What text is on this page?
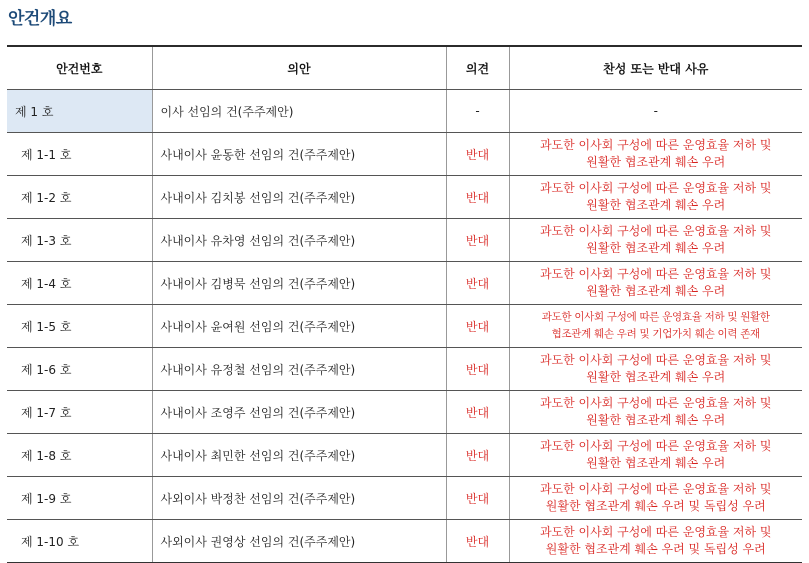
안건개요
안건번호	의안	의견	찬성 또는 반대 사유
제 1 호	이사 선임의 건(주주제안)	-	-
제 1-1 호	사내이사 윤동한 선임의 건(주주제안)	반대	과도한 이사회 구성에 따른 운영효율 저하 및
원활한 협조관계 훼손 우려
제 1-2 호	사내이사 김치봉 선임의 건(주주제안)	반대	과도한 이사회 구성에 따른 운영효율 저하 및
원활한 협조관계 훼손 우려
제 1-3 호	사내이사 유차영 선임의 건(주주제안)	반대	과도한 이사회 구성에 따른 운영효율 저하 및
원활한 협조관계 훼손 우려
제 1-4 호	사내이사 김병묵 선임의 건(주주제안)	반대	과도한 이사회 구성에 따른 운영효율 저하 및
원활한 협조관계 훼손 우려
제 1-5 호	사내이사 윤여원 선임의 건(주주제안)	반대	과도한 이사회 구성에 따른 운영효율 저하 및 원활한
협조관계 훼손 우려 및 기업가치 훼손 이력 존재
제 1-6 호	사내이사 유정철 선임의 건(주주제안)	반대	과도한 이사회 구성에 따른 운영효율 저하 및
원활한 협조관계 훼손 우려
제 1-7 호	사내이사 조영주 선임의 건(주주제안)	반대	과도한 이사회 구성에 따른 운영효율 저하 및
원활한 협조관계 훼손 우려
제 1-8 호	사내이사 최민한 선임의 건(주주제안)	반대	과도한 이사회 구성에 따른 운영효율 저하 및
원활한 협조관계 훼손 우려
제 1-9 호	사외이사 박정찬 선임의 건(주주제안)	반대	과도한 이사회 구성에 따른 운영효율 저하 및
원활한 협조관계 훼손 우려 및 독립성 우려
제 1-10 호	사외이사 권영상 선임의 건(주주제안)	반대	과도한 이사회 구성에 따른 운영효율 저하 및
원활한 협조관계 훼손 우려 및 독립성 우려
